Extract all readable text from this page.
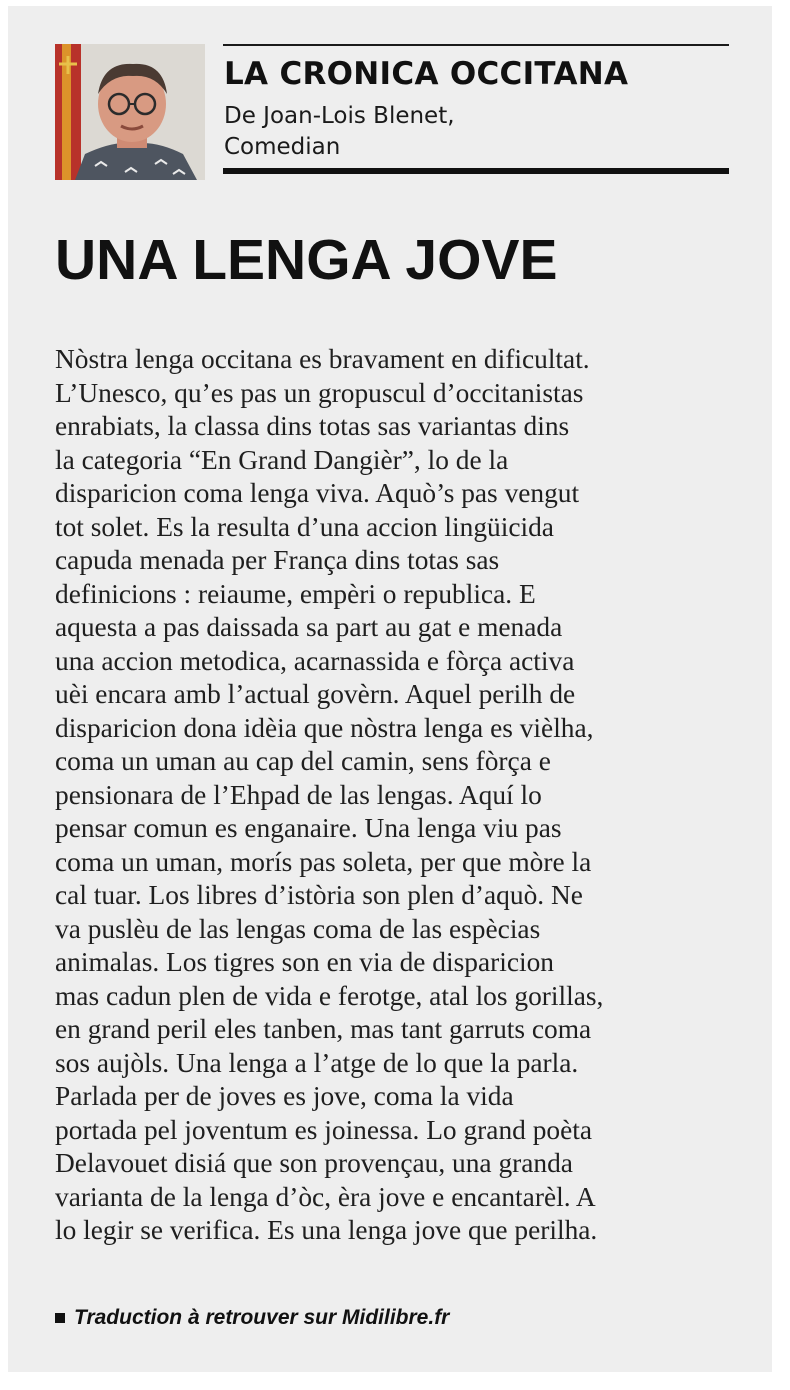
LA CRONICA OCCITANA
De Joan-Lois Blenet,
Comedian
UNA LENGA JOVE

Nòstra lenga occitana es bravament en dificultat.
L’Unesco, qu’es pas un gropuscul d’occitanistas
enrabiats, la classa dins totas sas variantas dins
la categoria “En Grand Dangièr”, lo de la
disparicion coma lenga viva. Aquò’s pas vengut
tot solet. Es la resulta d’una accion lingüicida
capuda menada per França dins totas sas
definicions : reiaume, empèri o republica. E
aquesta a pas daissada sa part au gat e menada
una accion metodica, acarnassida e fòrça activa
uèi encara amb l’actual govèrn. Aquel perilh de
disparicion dona idèia que nòstra lenga es vièlha,
coma un uman au cap del camin, sens fòrça e
pensionara de l’Ehpad de las lengas. Aquí lo
pensar comun es enganaire. Una lenga viu pas
coma un uman, morís pas soleta, per que mòre la
cal tuar. Los libres d’istòria son plen d’aquò. Ne
va puslèu de las lengas coma de las espècias
animalas. Los tigres son en via de disparicion
mas cadun plen de vida e ferotge, atal los gorillas,
en grand peril eles tanben, mas tant garruts coma
sos aujòls. Una lenga a l’atge de lo que la parla.
Parlada per de joves es jove, coma la vida
portada pel joventum es joinessa. Lo grand poèta
Delavouet disiá que son provençau, una granda
varianta de la lenga d’òc, èra jove e encantarèl. A
lo legir se verifica. Es una lenga jove que perilha.

Traduction à retrouver sur Midilibre.fr
